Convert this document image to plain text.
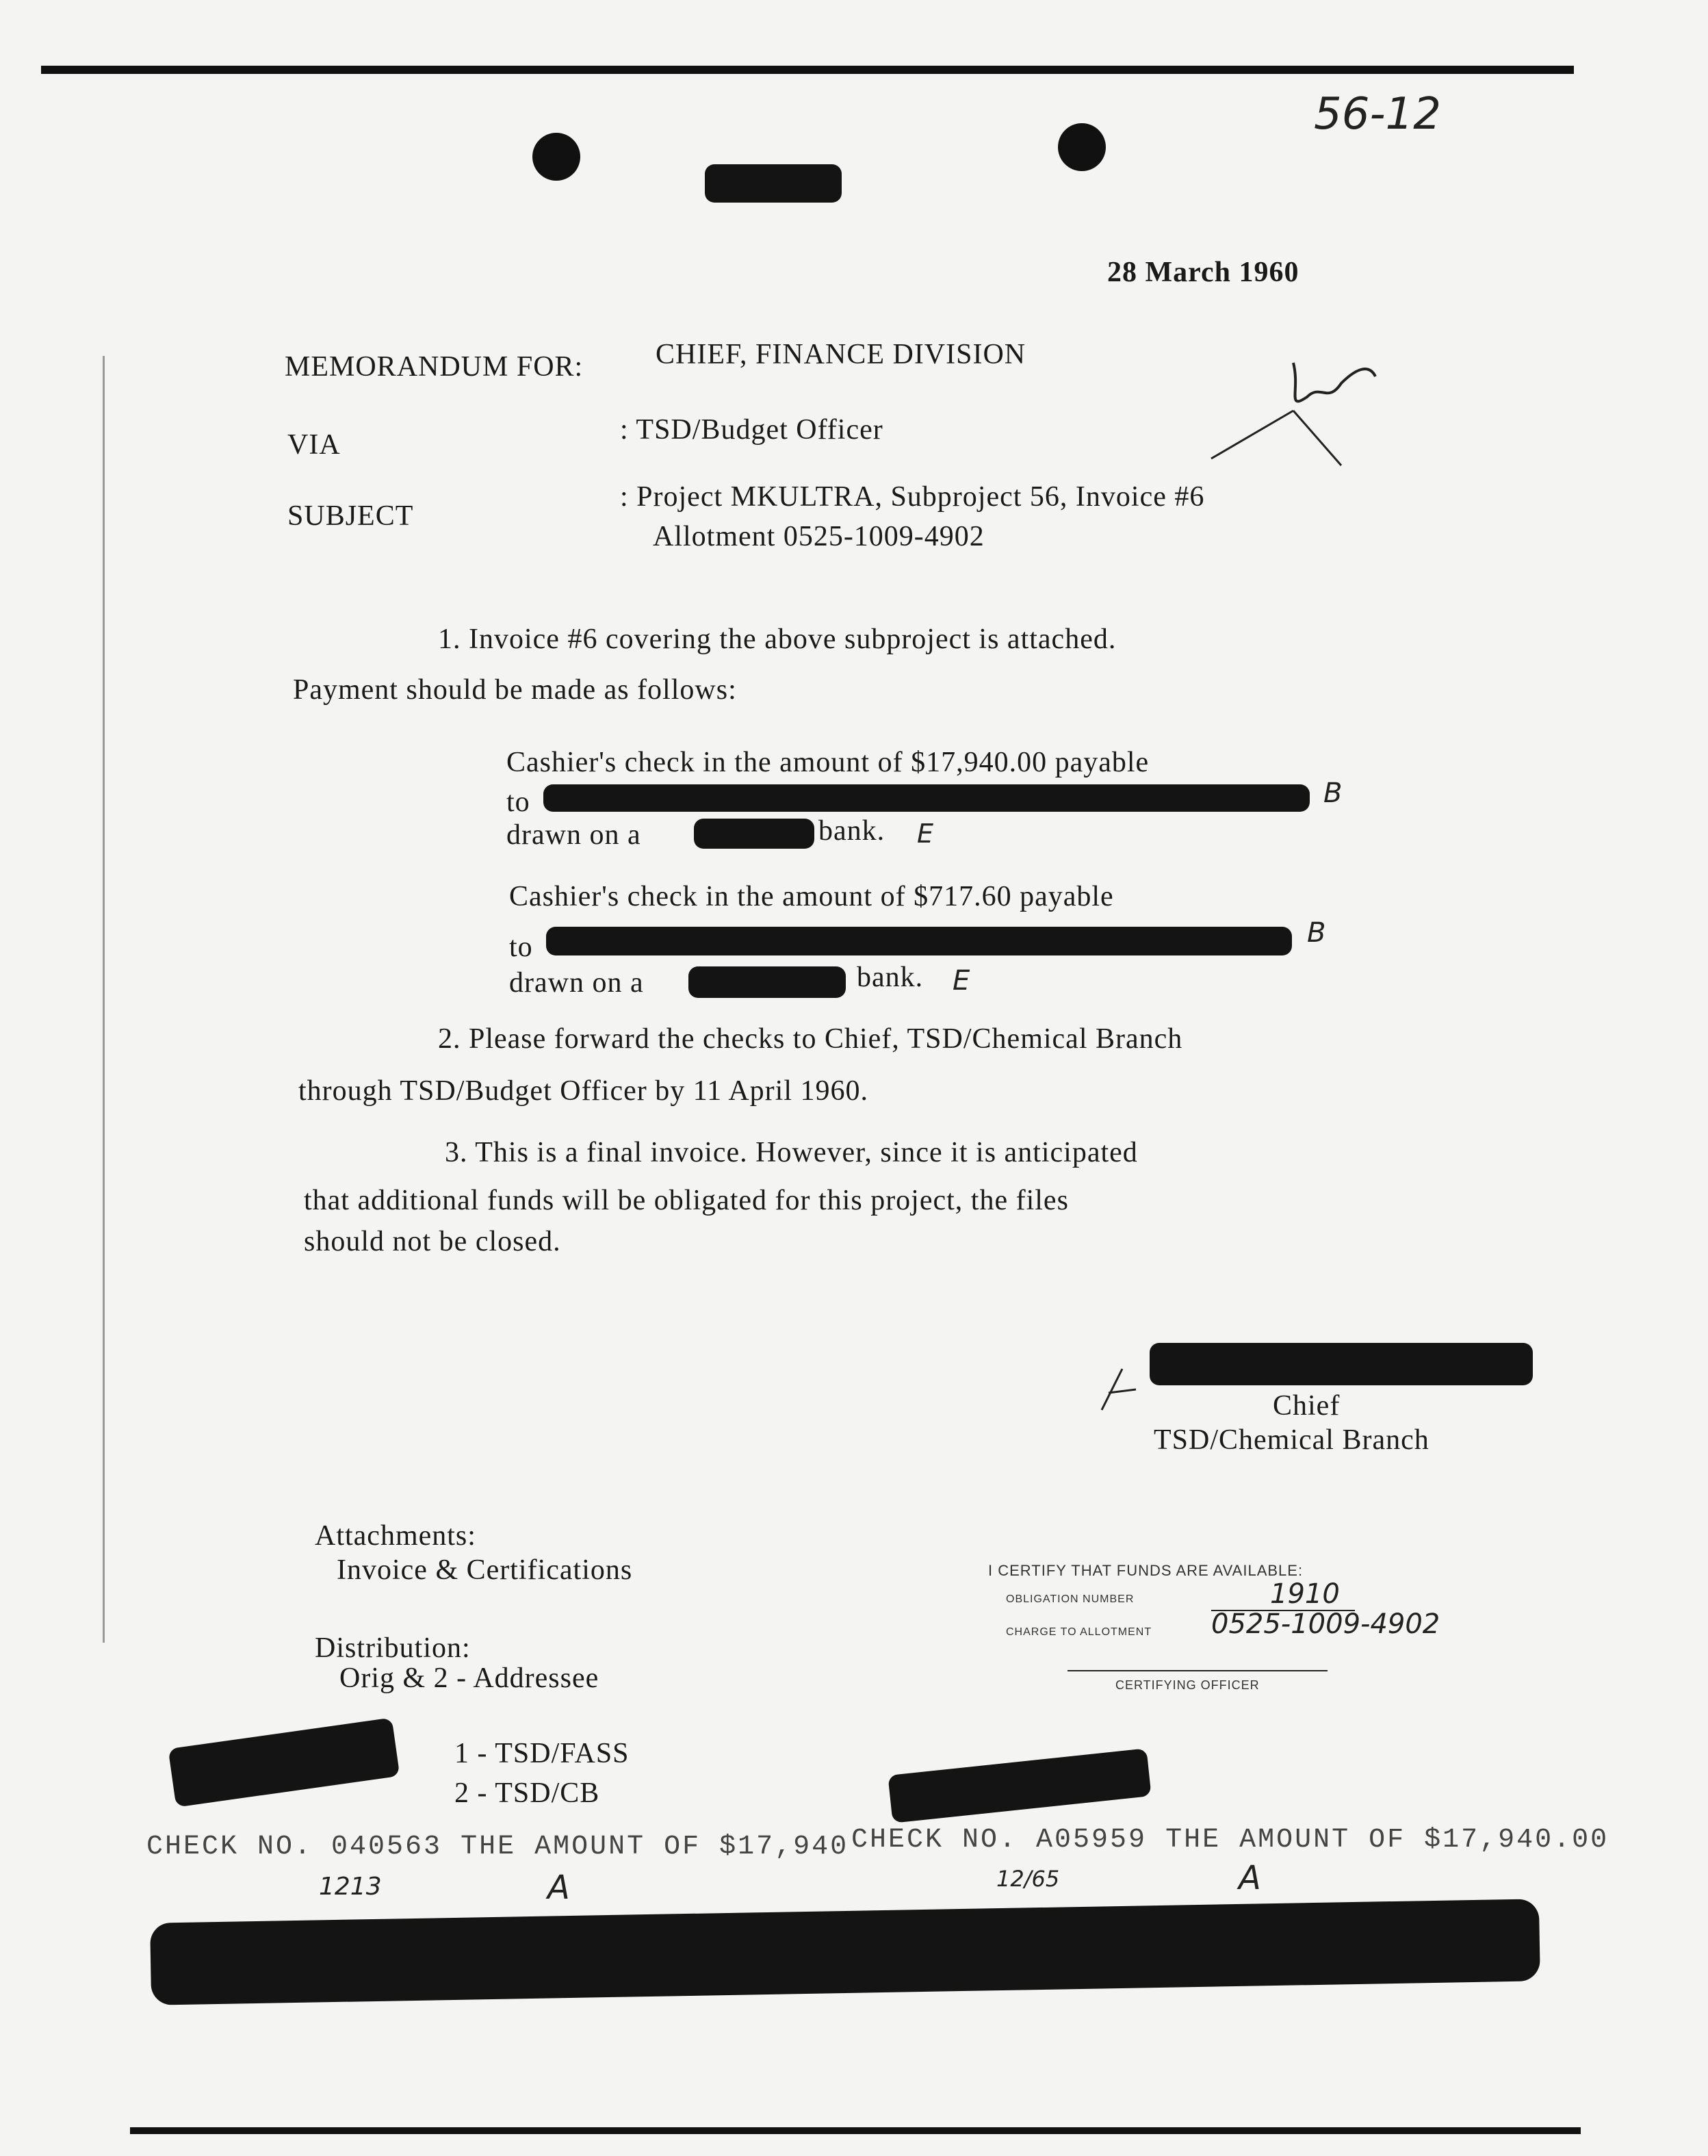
56-12
28 March 1960
MEMORANDUM FOR:	CHIEF, FINANCE DIVISION
VIA	: TSD/Budget Officer
SUBJECT
: Project MKULTRA, Subproject 56, Invoice #6
Allotment 0525-1009-4902
1. Invoice #6 covering the above subproject is attached.
Payment should be made as follows:
Cashier's check in the amount of $17,940.00 payable
to	B
drawn on a	bank. E
Cashier's check in the amount of $717.60 payable
to	B
drawn on a	bank. E
2. Please forward the checks to Chief, TSD/Chemical Branch
through TSD/Budget Officer by 11 April 1960.
3. This is a final invoice. However, since it is anticipated
that additional funds will be obligated for this project, the files
should not be closed.
Chief
TSD/Chemical Branch
Attachments:
Invoice & Certifications
Distribution:
Orig & 2 - Addressee
1 - TSD/FASS
2 - TSD/CB
I CERTIFY THAT FUNDS ARE AVAILABLE:
OBLIGATION NUMBER	1910
CHARGE TO ALLOTMENT 0525-1009-4902
CERTIFYING OFFICER
CHECK NO. 040563 THE AMOUNT OF $17,940 CHECK NO. A05959 THE AMOUNT OF $17,940.00
1213	12/65
A	A
